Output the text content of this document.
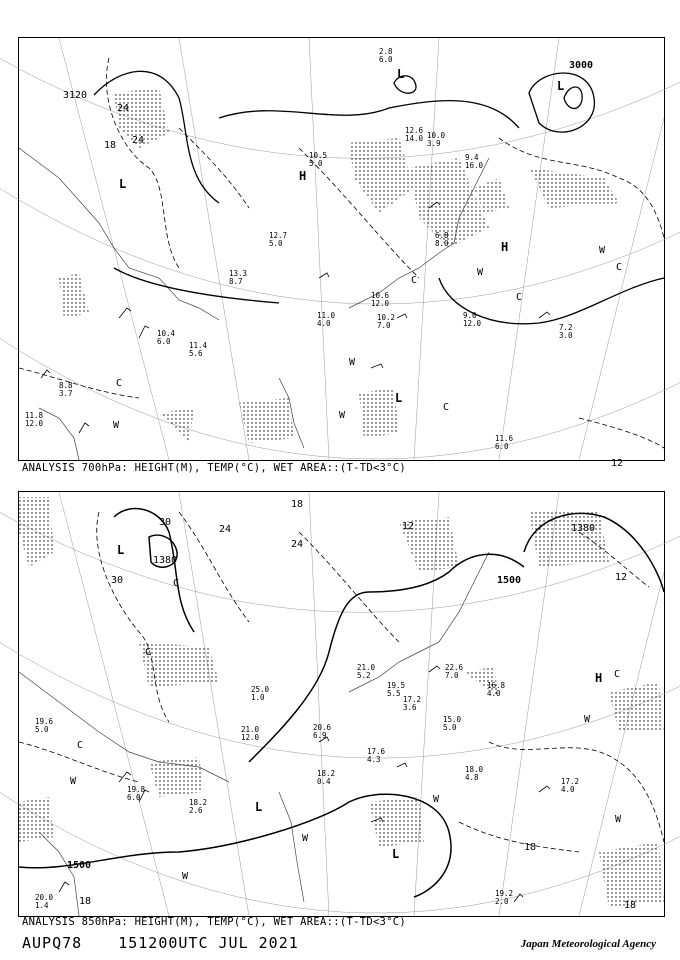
3120
3000
24
24
18
12
L
L
L
L
H
H
W
W
W
W
W
C
C
C
C
C
11.6
6.0
9.0
12.0	7.2
3.0
10.4
6.0 11.4
5.6
8.8
3.7
11.8
12.0
10.6
12.0
10.2
7.0
11.0
4.0
10.5
5.0
12.6
14.0 10.0
3.9
9.4
16.0
6.8
8.0
13.3
8.7
12.7
5.0
2.8
6.0
ANALYSIS 700hPa: HEIGHT(M), TEMP(°C), WET AREA::(T-TD<3°C)
1500
1500
1380
1380
30
30
24
24
18
18
18
18
12
12
L
L
L
H
W
W
W
W
W
W
C
C
C
C
19.2
2.0
17.2
4.0
18.0
4.8
17.6
4.3
18.2
0.4
18.2
2.6
19.8
6.0
20.0
1.4
19.6
5.0
21.0
5.2
15.0
5.0
17.2
3.6
20.6
6.9
22.6
7.0
19.5
5.5
16.8
4.0
21.0
12.0
25.0
1.0
ANALYSIS 850hPa: HEIGHT(M), TEMP(°C), WET AREA::(T-TD<3°C)
AUPQ78 151200UTC JUL 2021	Japan Meteorological Agency
